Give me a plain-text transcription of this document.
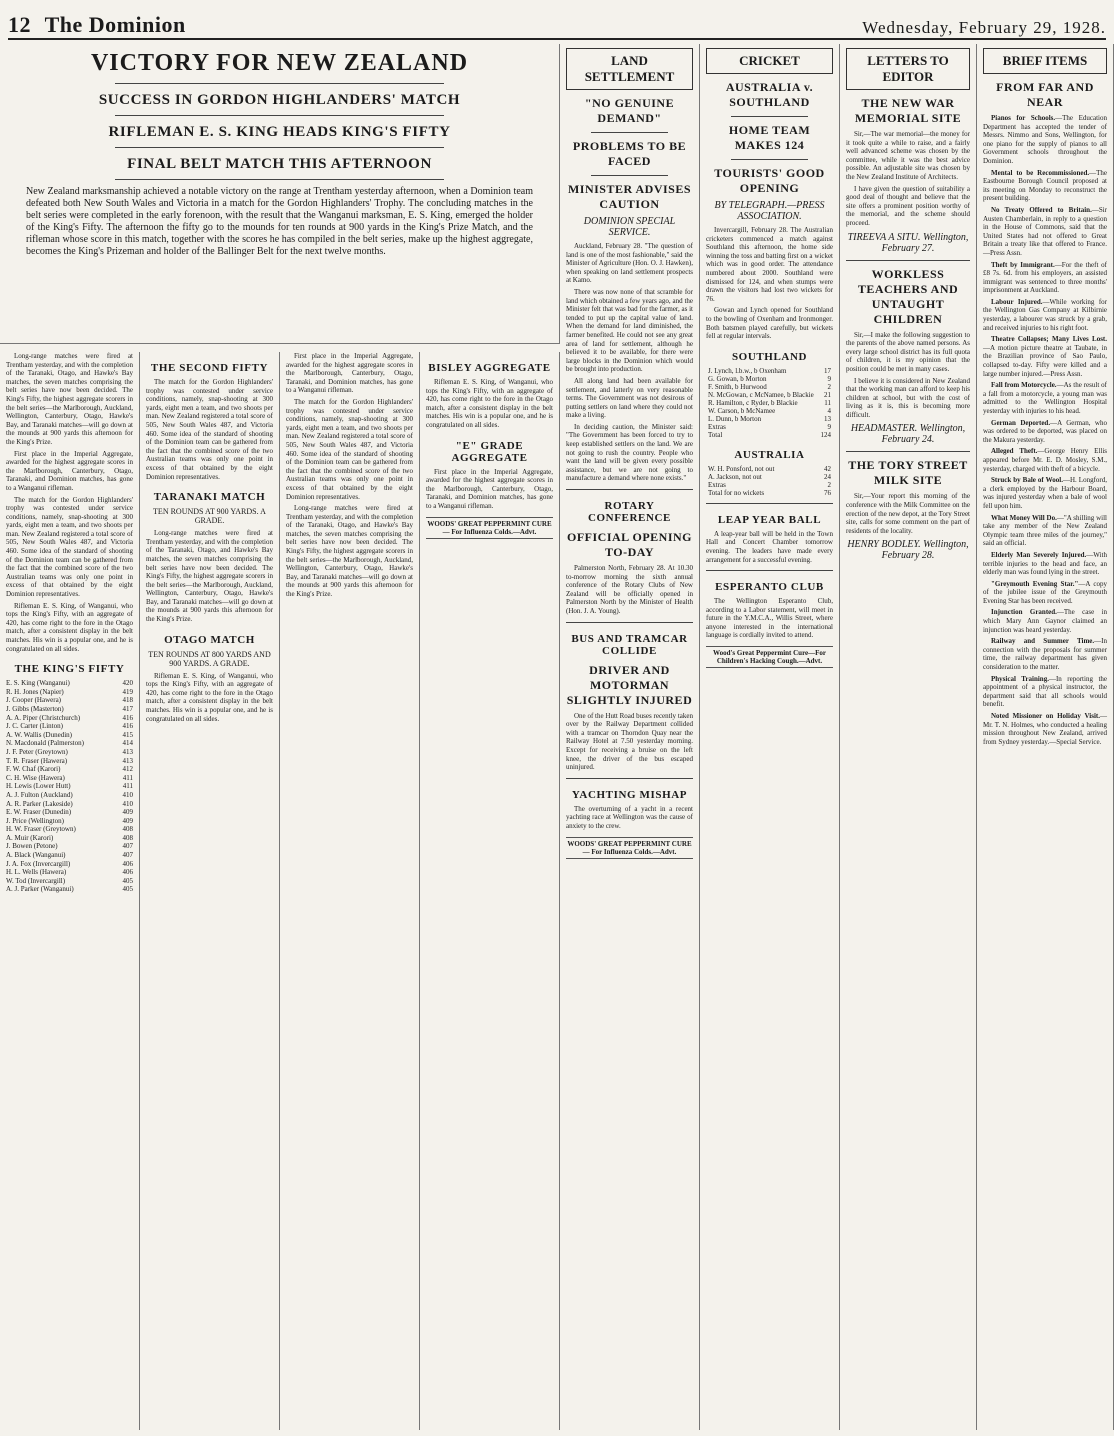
12 The Dominion	Wednesday, February 29, 1928.
VICTORY FOR NEW ZEALAND
SUCCESS IN GORDON HIGHLANDERS' MATCH
RIFLEMAN E. S. KING HEADS KING'S FIFTY
FINAL BELT MATCH THIS AFTERNOON

New Zealand marksmanship achieved a notable victory on the range at Trentham yesterday afternoon, when a Dominion team defeated both New South Wales and Victoria in a match for the Gordon Highlanders' Trophy. The concluding matches in the belt series were completed in the early forenoon, with the result that the Wanganui marksman, E. S. King, emerged the holder of the King's Fifty. The afternoon the fifty go to the mounds for ten rounds at 900 yards in the King's Prize Match, and the rifleman whose score in this match, together with the scores he has compiled in the belt series, make up the highest aggregate, becomes the King's Prizeman and holder of the Ballinger Belt for the next twelve months.

Long-range matches were fired at Trentham yesterday, and with the completion of the Taranaki, Otago, and Hawke's Bay matches, the seven matches comprising the belt series have now been decided. The King's Fifty, the highest aggregate scorers in the belt series—the Marlborough, Auckland, Wellington, Canterbury, Otago, Hawke's Bay, and Taranaki matches—will go down at the mounds at 900 yards this afternoon for the King's Prize.

First place in the Imperial Aggregate, awarded for the highest aggregate scores in the Marlborough, Canterbury, Otago, Taranaki, and Dominion matches, has gone to a Wanganui rifleman.

The match for the Gordon Highlanders' trophy was contested under service conditions, namely, snap-shooting at 300 yards, eight men a team, and two shoots per man. New Zealand registered a total score of 505, New South Wales 487, and Victoria 460. Some idea of the standard of shooting of the Dominion team can be gathered from the fact that the combined score of the two Australian teams was only one point in excess of that obtained by the eight Dominion representatives.

Rifleman E. S. King, of Wanganui, who tops the King's Fifty, with an aggregate of 420, has come right to the fore in the Otago match, after a consistent display in the belt matches. His win is a popular one, and he is congratulated on all sides.

THE KING'S FIFTY
E. S. King (Wanganui)	420
R. H. Jones (Napier)	419
J. Cooper (Hawera)	418
J. Gibbs (Masterton)	417
A. A. Piper (Christchurch)	416
J. C. Carter (Linton)	416
A. W. Wallis (Dunedin)	415
N. Macdonald (Palmerston)	414
J. F. Peter (Greytown)	413
T. R. Fraser (Hawera)	413
F. W. Chaf (Karori)	412
C. H. Wise (Hawera)	411
H. Lewis (Lower Hutt)	411
A. J. Fulton (Auckland)	410
A. R. Parker (Lakeside)	410
E. W. Fraser (Dunedin)	409
J. Price (Wellington)	409
H. W. Fraser (Greytown)	408
A. Muir (Karori)	408
J. Bowen (Petone)	407
A. Black (Wanganui)	407
J. A. Fox (Invercargill)	406
H. L. Wells (Hawera)	406
W. Tod (Invercargill)	405
A. J. Parker (Wanganui)	405
THE SECOND FIFTY

The match for the Gordon Highlanders' trophy was contested under service conditions, namely, snap-shooting at 300 yards, eight men a team, and two shoots per man. New Zealand registered a total score of 505, New South Wales 487, and Victoria 460. Some idea of the standard of shooting of the Dominion team can be gathered from the fact that the combined score of the two Australian teams was only one point in excess of that obtained by the eight Dominion representatives.

TARANAKI MATCH
TEN ROUNDS AT 900 YARDS. A GRADE.

Long-range matches were fired at Trentham yesterday, and with the completion of the Taranaki, Otago, and Hawke's Bay matches, the seven matches comprising the belt series have now been decided. The King's Fifty, the highest aggregate scorers in the belt series—the Marlborough, Auckland, Wellington, Canterbury, Otago, Hawke's Bay, and Taranaki matches—will go down at the mounds at 900 yards this afternoon for the King's Prize.

OTAGO MATCH
TEN ROUNDS AT 800 YARDS AND 900 YARDS. A GRADE.

Rifleman E. S. King, of Wanganui, who tops the King's Fifty, with an aggregate of 420, has come right to the fore in the Otago match, after a consistent display in the belt matches. His win is a popular one, and he is congratulated on all sides.

First place in the Imperial Aggregate, awarded for the highest aggregate scores in the Marlborough, Canterbury, Otago, Taranaki, and Dominion matches, has gone to a Wanganui rifleman.

The match for the Gordon Highlanders' trophy was contested under service conditions, namely, snap-shooting at 300 yards, eight men a team, and two shoots per man. New Zealand registered a total score of 505, New South Wales 487, and Victoria 460. Some idea of the standard of shooting of the Dominion team can be gathered from the fact that the combined score of the two Australian teams was only one point in excess of that obtained by the eight Dominion representatives.

Long-range matches were fired at Trentham yesterday, and with the completion of the Taranaki, Otago, and Hawke's Bay matches, the seven matches comprising the belt series have now been decided. The King's Fifty, the highest aggregate scorers in the belt series—the Marlborough, Auckland, Wellington, Canterbury, Otago, Hawke's Bay, and Taranaki matches—will go down at the mounds at 900 yards this afternoon for the King's Prize.

BISLEY AGGREGATE

Rifleman E. S. King, of Wanganui, who tops the King's Fifty, with an aggregate of 420, has come right to the fore in the Otago match, after a consistent display in the belt matches. His win is a popular one, and he is congratulated on all sides.

"E" GRADE AGGREGATE

First place in the Imperial Aggregate, awarded for the highest aggregate scores in the Marlborough, Canterbury, Otago, Taranaki, and Dominion matches, has gone to a Wanganui rifleman.

WOODS' GREAT PEPPERMINT CURE— For Influenza Colds.—Advt.
LAND SETTLEMENT
"NO GENUINE DEMAND"
PROBLEMS TO BE FACED
MINISTER ADVISES CAUTION
DOMINION SPECIAL SERVICE.

Auckland, February 28. "The question of land is one of the most fashionable," said the Minister of Agriculture (Hon. O. J. Hawken), when speaking on land settlement prospects at Kamo.

There was now none of that scramble for land which obtained a few years ago, and the Minister felt that was bad for the farmer, as it tended to put up the capital value of land. When the demand for land diminished, the farmer benefited. He could not see any great area of land for settlement, although he believed it to be available, for there were large blocks in the Dominion which would be brought into production.

All along land had been available for settlement, and latterly on very reasonable terms. The Government was not desirous of putting settlers on land where they could not make a living.

In deciding caution, the Minister said: "The Government has been forced to try to keep established settlers on the land. We are not going to rush the country. People who want the land will be given every possible assistance, but we are not going to manufacture a demand where none exists."

ROTARY CONFERENCE
OFFICIAL OPENING TO-DAY

Palmerston North, February 28. At 10.30 to-morrow morning the sixth annual conference of the Rotary Clubs of New Zealand will be officially opened in Palmerston North by the Minister of Health (Hon. J. A. Young).

BUS AND TRAMCAR COLLIDE
DRIVER AND MOTORMAN SLIGHTLY INJURED

One of the Hutt Road buses recently taken over by the Railway Department collided with a tramcar on Thorndon Quay near the Railway Hotel at 7.50 yesterday morning. Except for receiving a bruise on the left knee, the driver of the bus escaped uninjured.

YACHTING MISHAP

The overturning of a yacht in a recent yachting race at Wellington was the cause of anxiety to the crew.

WOODS' GREAT PEPPERMINT CURE— For Influenza Colds.—Advt.
CRICKET
AUSTRALIA v. SOUTHLAND
HOME TEAM MAKES 124
TOURISTS' GOOD OPENING
BY TELEGRAPH.—PRESS ASSOCIATION.

Invercargill, February 28. The Australian cricketers commenced a match against Southland this afternoon, the home side winning the toss and batting first on a wicket which was in good order. The attendance numbered about 2000. Southland were dismissed for 124, and when stumps were drawn the visitors had lost two wickets for 76.

Gowan and Lynch opened for Southland to the bowling of Oxenham and Ironmonger. Both batsmen played carefully, but wickets fell at regular intervals.

SOUTHLAND
J. Lynch, l.b.w., b Oxenham	17
G. Gowan, b Morton	9
F. Smith, b Hurwood	2
N. McGowan, c McNamee, b Blackie	21
R. Hamilton, c Ryder, b Blackie	11
W. Carson, b McNamee	4
L. Dunn, b Morton	13
Extras	9
Total	124
AUSTRALIA
W. H. Ponsford, not out	42
A. Jackson, not out	24
Extras	2
Total for no wickets	76
LEAP YEAR BALL

A leap-year ball will be held in the Town Hall and Concert Chamber tomorrow evening. The leaders have made every arrangement for a successful evening.

ESPERANTO CLUB

The Wellington Esperanto Club, according to a Labor statement, will meet in future in the Y.M.C.A., Willis Street, where anyone interested in the international language is cordially invited to attend.

Wood's Great Peppermint Cure—For Children's Hacking Cough.—Advt.
LETTERS TO EDITOR
THE NEW WAR MEMORIAL SITE

Sir,—The war memorial—the money for it took quite a while to raise, and a fairly well advanced scheme was chosen by the committee, while it was the best advice possible. An adjustable site was chosen by the New Zealand Institute of Architects.

I have given the question of suitability a good deal of thought and believe that the site offers a prominent position worthy of the memorial, and the scheme should proceed.

TIREEVA A SITU. Wellington, February 27.
WORKLESS TEACHERS AND UNTAUGHT CHILDREN

Sir,—I make the following suggestion to the parents of the above named persons. As every large school district has its full quota of children, it is my opinion that the position could be met in many cases.

I believe it is considered in New Zealand that the working man can afford to keep his children at school, but with the cost of living as it is, this is becoming more difficult.

HEADMASTER. Wellington, February 24.
THE TORY STREET MILK SITE

Sir,—Your report this morning of the conference with the Milk Committee on the erection of the new depot, at the Tory Street site, calls for some comment on the part of residents of the locality.

HENRY BODLEY. Wellington, February 28.
BRIEF ITEMS
FROM FAR AND NEAR

Pianos for Schools.—The Education Department has accepted the tender of Messrs. Nimmo and Sons, Wellington, for one piano for the supply of pianos to all Government schools throughout the Dominion.

Mental to be Recommissioned.—The Eastbourne Borough Council proposed at its meeting on Monday to reconstruct the present building.

No Treaty Offered to Britain.—Sir Austen Chamberlain, in reply to a question in the House of Commons, said that the United States had not offered to Great Britain a treaty like that offered to France.—Press Assn.

Theft by Immigrant.—For the theft of £8 7s. 6d. from his employers, an assisted immigrant was sentenced to three months' imprisonment at Auckland.

Labour Injured.—While working for the Wellington Gas Company at Kilbirnie yesterday, a labourer was struck by a grab, and received injuries to his right foot.

Theatre Collapses; Many Lives Lost.—A motion picture theatre at Taubate, in the Brazilian province of Sao Paulo, collapsed to-day. Fifty were killed and a large number injured.—Press Assn.

Fall from Motorcycle.—As the result of a fall from a motorcycle, a young man was admitted to the Wellington Hospital yesterday with injuries to his head.

German Deported.—A German, who was ordered to be deported, was placed on the Makura yesterday.

Alleged Theft.—George Henry Ellis appeared before Mr. E. D. Mosley, S.M., yesterday, charged with theft of a bicycle.

Struck by Bale of Wool.—H. Longford, a clerk employed by the Harbour Board, was injured yesterday when a bale of wool fell upon him.

What Money Will Do.—"A shilling will take any member of the New Zealand Olympic team three miles of the journey," said an official.

Elderly Man Severely Injured.—With terrible injuries to the head and face, an elderly man was found lying in the street.

"Greymouth Evening Star."—A copy of the jubilee issue of the Greymouth Evening Star has been received.

Injunction Granted.—The case in which Mary Ann Gaynor claimed an injunction was heard yesterday.

Railway and Summer Time.—In connection with the proposals for summer time, the railway department has given consideration to the matter.

Physical Training.—In reporting the appointment of a physical instructor, the department said that all schools would benefit.

Noted Missioner on Holiday Visit.—Mr. T. N. Holmes, who conducted a healing mission throughout New Zealand, arrived from Sydney yesterday.—Special Service.
